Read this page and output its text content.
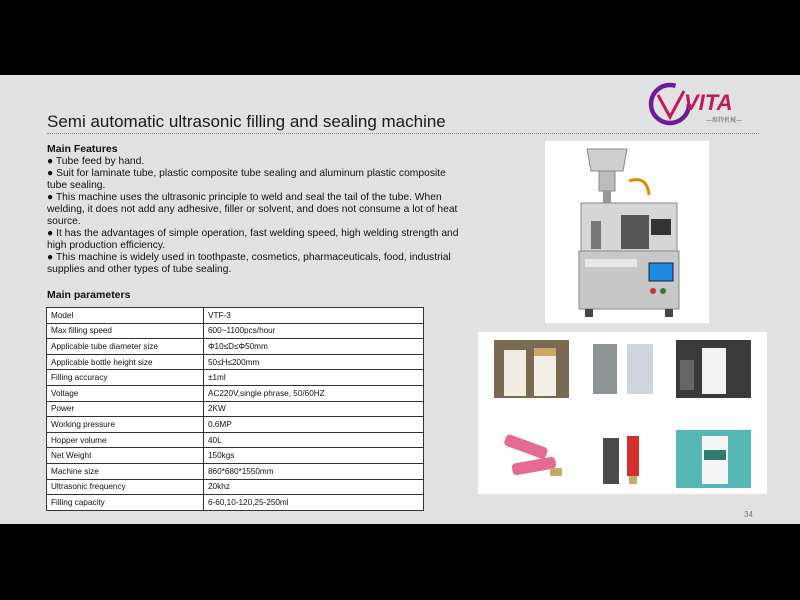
Semi automatic ultrasonic filling and sealing machine
VITA
—维特机械—
Main Features

● Tube feed by hand.

● Suit for laminate tube, plastic composite tube sealing and aluminum plastic composite tube sealing.

● This machine uses the ultrasonic principle to weld and seal the tail of the tube. When welding, it does not add any adhesive, filler or solvent, and does not consume a lot of heat source.

● It has the advantages of simple operation, fast welding speed, high welding strength and high production efficiency.

● This machine is widely used in toothpaste, cosmetics, pharmaceuticals, food, industrial supplies and other types of tube sealing.

Main parameters
Model	VTF-3
Max filling speed	600~1100pcs/hour
Applicable tube diameter size	Φ10≤D≤Φ50mm
Applicable bottle height size	50≤H≤200mm
Filling accuracy	±1ml
Voltage	AC220V,single phrase, 50/60HZ
Power	2KW
Working pressure	0.6MP
Hopper volume	40L
Net Weight	150kgs
Machine size	860*680*1550mm
Ultrasonic frequency	20khz
Filling capacity	6-60,10-120,25-250ml
34
